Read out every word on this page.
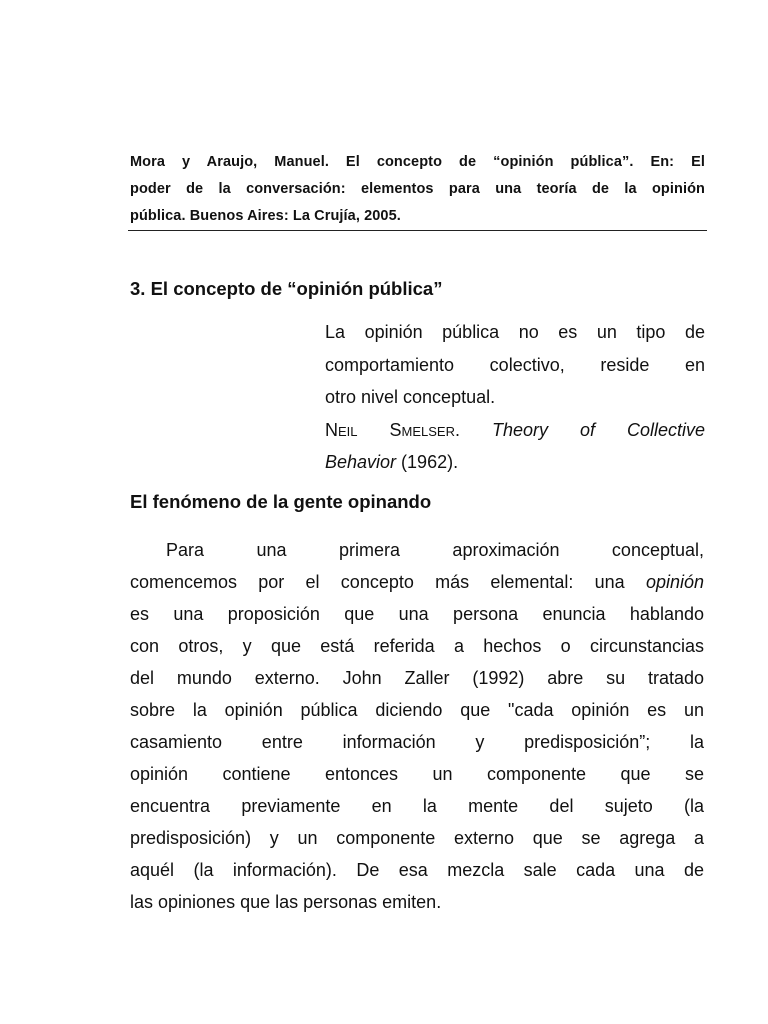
Mora y Araujo, Manuel. El concepto de “opinión pública”. En: El
poder de la conversación: elementos para una teoría de la opinión
pública. Buenos Aires: La Crujía, 2005.
3. El concepto de “opinión pública”
La opinión pública no es un tipo de
comportamiento colectivo, reside en
otro nivel conceptual.
Neil Smelser. Theory of Collective
Behavior (1962).
El fenómeno de la gente opinando
Para una primera aproximación conceptual,
comencemos por el concepto más elemental: una opinión
es una proposición que una persona enuncia hablando
con otros, y que está referida a hechos o circunstancias
del mundo externo. John Zaller (1992) abre su tratado
sobre la opinión pública diciendo que "cada opinión es un
casamiento entre información y predisposición”; la
opinión contiene entonces un componente que se
encuentra previamente en la mente del sujeto (la
predisposición) y un componente externo que se agrega a
aquél (la información). De esa mezcla sale cada una de
las opiniones que las personas emiten.
